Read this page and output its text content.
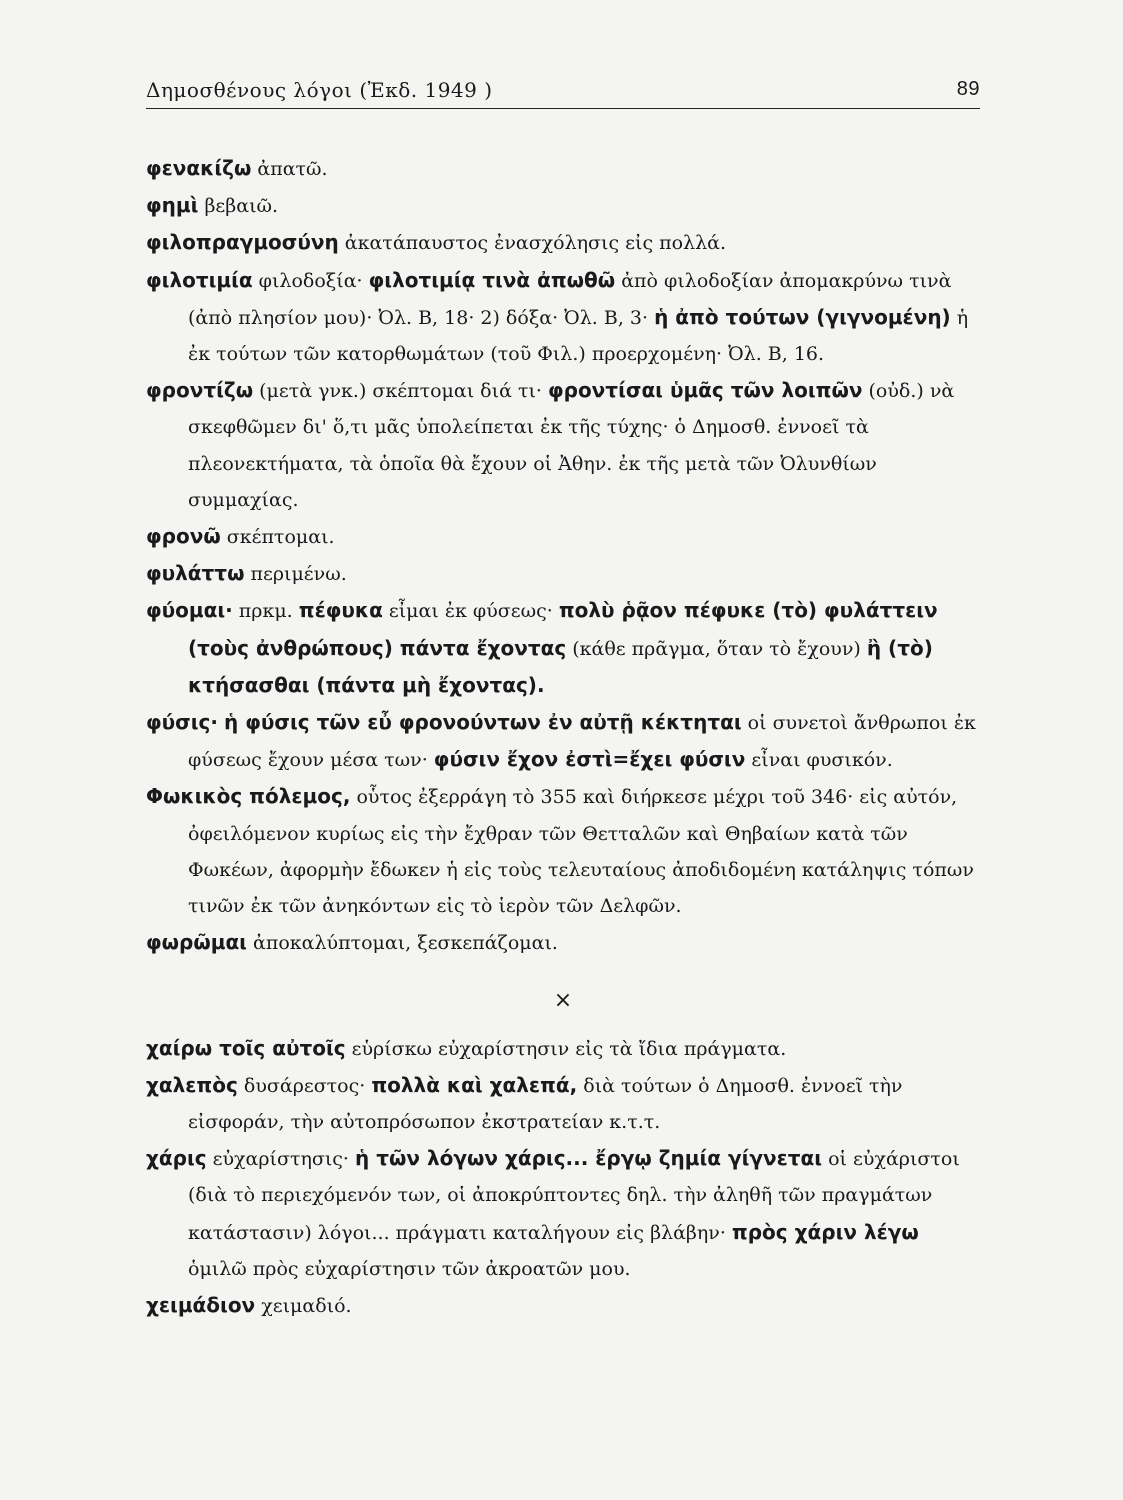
Δημοσθένους λόγοι (Ἐκδ. 1949 )	89

φενακίζω ἀπατῶ.

φημὶ βεβαιῶ.

φιλοπραγμοσύνη ἀκατάπαυστος ἐνασχόλησις εἰς πολλά.

φιλοτιμία φιλοδοξία· φιλοτιμίᾳ τινὰ ἀπωθῶ ἀπὸ φιλοδοξίαν ἀπομακρύνω τινὰ (ἀπὸ πλησίον μου)· Ὀλ. Β, 18· 2) δόξα· Ὀλ. Β, 3· ἡ ἀπὸ τούτων (γιγνομένη) ἡ ἐκ τούτων τῶν κατορθωμάτων (τοῦ Φιλ.) προερχομένη· Ὀλ. Β, 16.

φροντίζω (μετὰ γνκ.) σκέπτομαι διά τι· φροντίσαι ὑμᾶς τῶν λοιπῶν (οὐδ.) νὰ σκεφθῶμεν δι' ὅ,τι μᾶς ὑπολείπεται ἐκ τῆς τύχης· ὁ Δημοσθ. ἐννοεῖ τὰ πλεονεκτήματα, τὰ ὁποῖα θὰ ἔχουν οἱ Ἀθην. ἐκ τῆς μετὰ τῶν Ὀλυνθίων συμμαχίας.

φρονῶ σκέπτομαι.

φυλάττω περιμένω.

φύομαι· πρκμ. πέφυκα εἶμαι ἐκ φύσεως· πολὺ ῥᾷον πέφυκε (τὸ) φυλάττειν (τοὺς ἀνθρώπους) πάντα ἔχοντας (κάθε πρᾶγμα, ὅταν τὸ ἔχουν) ἢ (τὸ) κτήσασθαι (πάντα μὴ ἔχοντας).

φύσις· ἡ φύσις τῶν εὖ φρονούντων ἐν αὐτῇ κέκτηται οἱ συνετοὶ ἄνθρωποι ἐκ φύσεως ἔχουν μέσα των· φύσιν ἔχον ἐστὶ=ἔχει φύσιν εἶναι φυσικόν.

Φωκικὸς πόλεμος, οὗτος ἐξερράγη τὸ 355 καὶ διήρκεσε μέχρι τοῦ 346· εἰς αὐτόν, ὀφειλόμενον κυρίως εἰς τὴν ἔχθραν τῶν Θετταλῶν καὶ Θηβαίων κατὰ τῶν Φωκέων, ἀφορμὴν ἔδωκεν ἡ εἰς τοὺς τελευταίους ἀποδιδομένη κατάληψις τόπων τινῶν ἐκ τῶν ἀνηκόντων εἰς τὸ ἱερὸν τῶν Δελφῶν.

φωρῶμαι ἀποκαλύπτομαι, ξεσκεπάζομαι.

×

χαίρω τοῖς αὐτοῖς εὑρίσκω εὐχαρίστησιν εἰς τὰ ἴδια πράγματα.

χαλεπὸς δυσάρεστος· πολλὰ καὶ χαλεπά, διὰ τούτων ὁ Δημοσθ. ἐννοεῖ τὴν εἰσφοράν, τὴν αὐτοπρόσωπον ἐκστρατείαν κ.τ.τ.

χάρις εὐχαρίστησις· ἡ τῶν λόγων χάρις... ἔργῳ ζημία γίγνεται οἱ εὐχάριστοι (διὰ τὸ περιεχόμενόν των, οἱ ἀποκρύπτοντες δηλ. τὴν ἀληθῆ τῶν πραγμάτων κατάστασιν) λόγοι... πράγματι καταλήγουν εἰς βλάβην· πρὸς χάριν λέγω ὁμιλῶ πρὸς εὐχαρίστησιν τῶν ἀκροατῶν μου.

χειμάδιον χειμαδιό.
